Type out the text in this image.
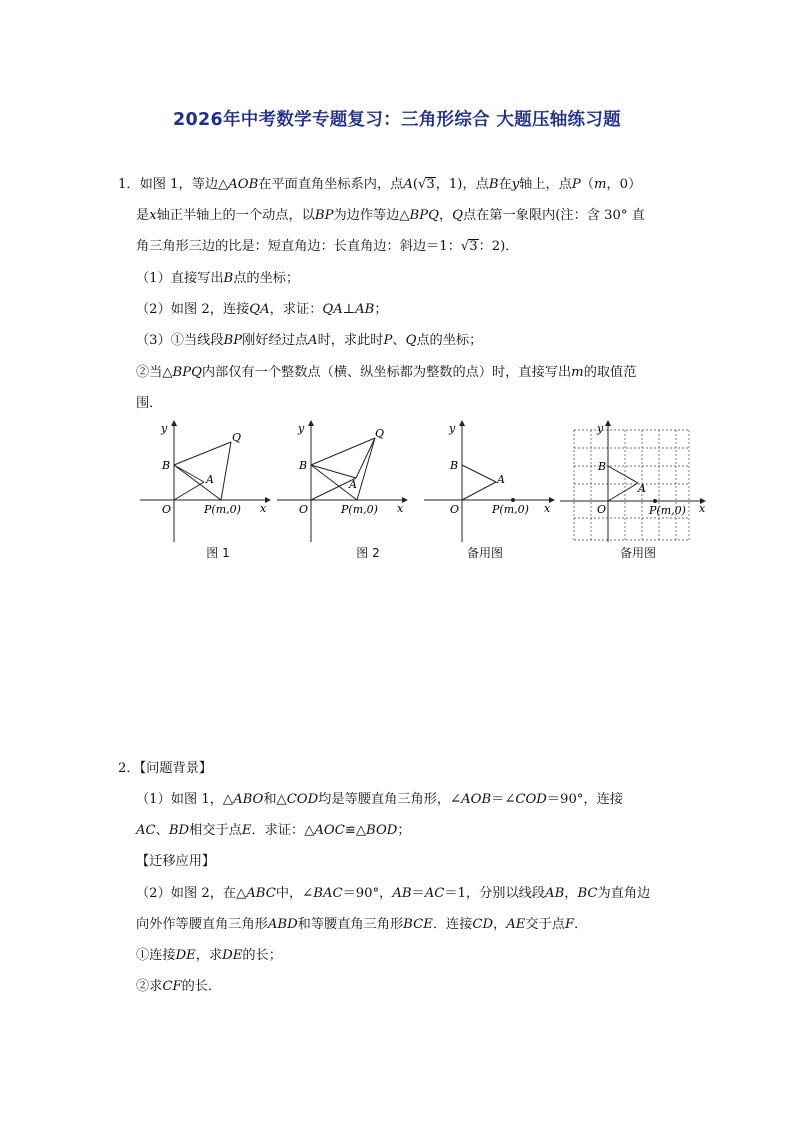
2026年中考数学专题复习：三角形综合 大题压轴练习题
1．如图 1，等边△AOB在平面直角坐标系内，点A(√3，1)，点B在y轴上，点P（m，0）
是x轴正半轴上的一个动点，以BP为边作等边△BPQ，Q点在第一象限内(注：含 30° 直
角三角形三边的比是：短直角边：长直角边：斜边＝1：√3：2)．
（1）直接写出B点的坐标；
（2）如图 2，连接QA，求证：QA⊥AB；
（3）①当线段BP刚好经过点A时，求此时P、Q点的坐标；
②当△BPQ内部仅有一个整数点（横、纵坐标都为整数的点）时，直接写出m的取值范
围．
y
x
O
B
A
Q
P(m,0)
图 1
y
x
O
B
A
Q
P(m,0)
图 2
y
x
O
B
A
P(m,0)
备用图
y
x
O
B
A
P(m,0)
备用图
2．【问题背景】
（1）如图 1，△ABO和△COD均是等腰直角三角形，∠AOB＝∠COD＝90°，连接
AC、BD相交于点E．求证：△AOC≌△BOD；
【迁移应用】
（2）如图 2，在△ABC中，∠BAC＝90°，AB＝AC＝1，分别以线段AB，BC为直角边
向外作等腰直角三角形ABD和等腰直角三角形BCE．连接CD，AE交于点F．
①连接DE，求DE的长；
②求CF的长．
